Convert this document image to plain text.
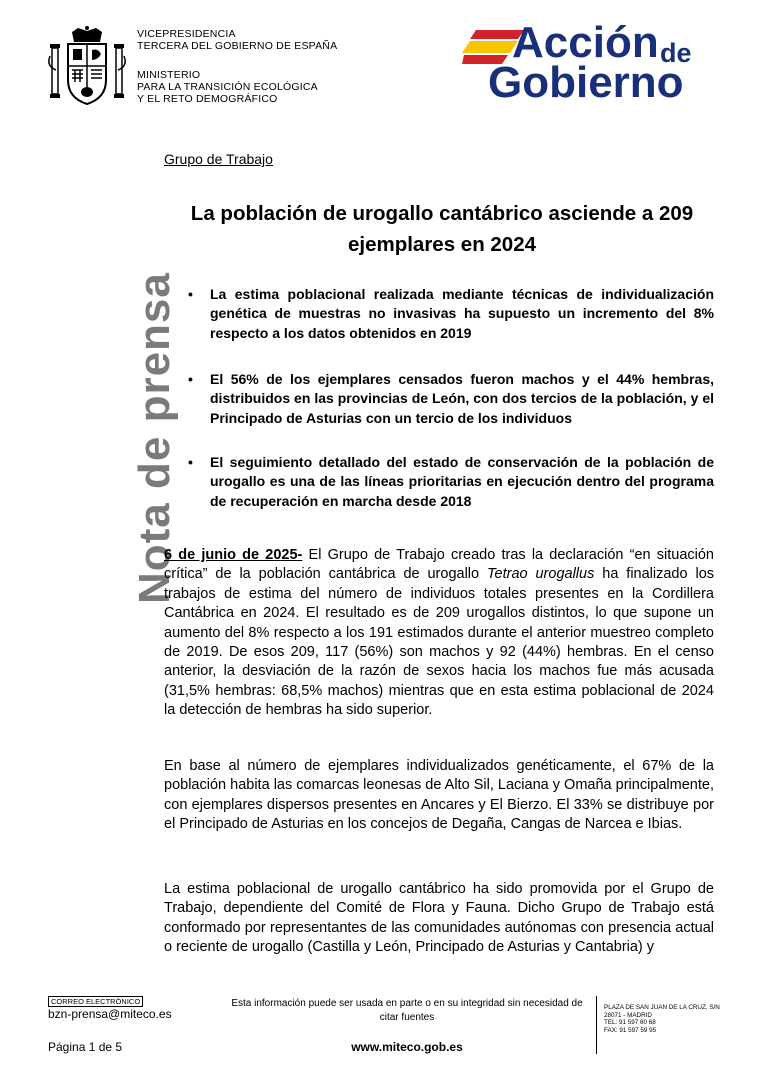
VICEPRESIDENCIA
TERCERA DEL GOBIERNO DE ESPAÑA
MINISTERIO
PARA LA TRANSICIÓN ECOLÓGICA
Y EL RETO DEMOGRÁFICO
Acción de
Gobierno
Nota de prensa
Grupo de Trabajo
La población de urogallo cantábrico asciende a 209 ejemplares en 2024
•	La estima poblacional realizada mediante técnicas de individualización genética de muestras no invasivas ha supuesto un incremento del 8% respecto a los datos obtenidos en 2019
•	El 56% de los ejemplares censados fueron machos y el 44% hembras, distribuidos en las provincias de León, con dos tercios de la población, y el Principado de Asturias con un tercio de los individuos
•	El seguimiento detallado del estado de conservación de la población de urogallo es una de las líneas prioritarias en ejecución dentro del programa de recuperación en marcha desde 2018
6 de junio de 2025- El Grupo de Trabajo creado tras la declaración “en situación crítica” de la población cantábrica de urogallo Tetrao urogallus ha finalizado los trabajos de estima del número de individuos totales presentes en la Cordillera Cantábrica en 2024. El resultado es de 209 urogallos distintos, lo que supone un aumento del 8% respecto a los 191 estimados durante el anterior muestreo completo de 2019. De esos 209, 117 (56%) son machos y 92 (44%) hembras. En el censo anterior, la desviación de la razón de sexos hacia los machos fue más acusada (31,5% hembras: 68,5% machos) mientras que en esta estima poblacional de 2024 la detección de hembras ha sido superior.
En base al número de ejemplares individualizados genéticamente, el 67% de la población habita las comarcas leonesas de Alto Sil, Laciana y Omaña principalmente, con ejemplares dispersos presentes en Ancares y El Bierzo. El 33% se distribuye por el Principado de Asturias en los concejos de Degaña, Cangas de Narcea e Ibias.
La estima poblacional de urogallo cantábrico ha sido promovida por el Grupo de Trabajo, dependiente del Comité de Flora y Fauna. Dicho Grupo de Trabajo está conformado por representantes de las comunidades autónomas con presencia actual o reciente de urogallo (Castilla y León, Principado de Asturias y Cantabria) y
CORREO ELECTRÓNICO
bzn-prensa@miteco.es
Esta información puede ser usada en parte o en su integridad sin necesidad de citar fuentes
PLAZA DE SAN JUAN DE LA CRUZ, S/N
28071 - MADRID
TEL: 91 597 60 68
FAX: 91 597 59 95
Página 1 de 5	www.miteco.gob.es
